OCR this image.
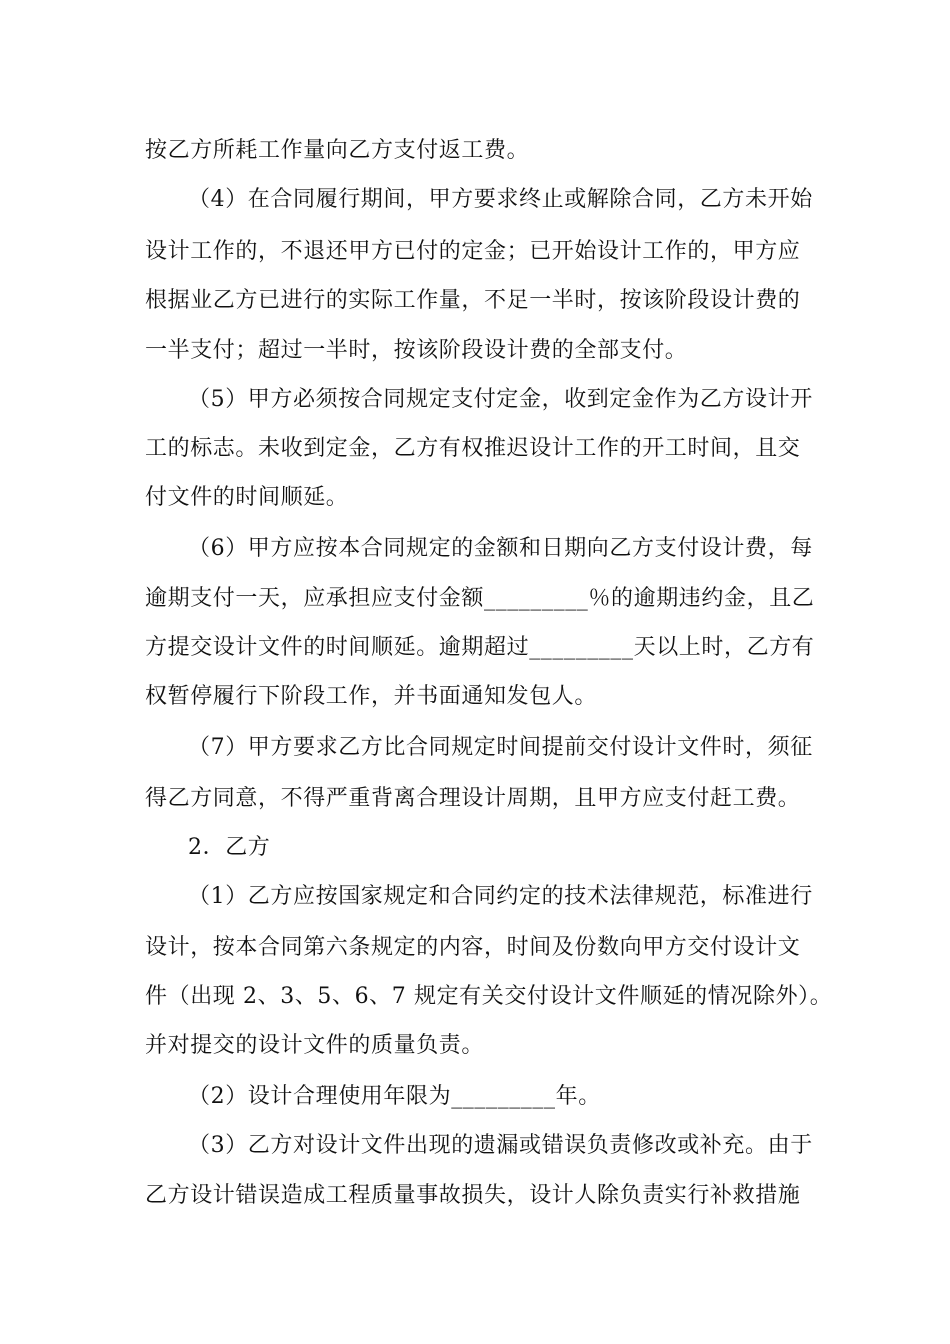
按乙方所耗工作量向乙方支付返工费。
（4）在合同履行期间，甲方要求终止或解除合同，乙方未开始
设计工作的，不退还甲方已付的定金；已开始设计工作的，甲方应
根据业乙方已进行的实际工作量，不足一半时，按该阶段设计费的
一半支付；超过一半时，按该阶段设计费的全部支付。
（5）甲方必须按合同规定支付定金，收到定金作为乙方设计开
工的标志。未收到定金，乙方有权推迟设计工作的开工时间，且交
付文件的时间顺延。
（6）甲方应按本合同规定的金额和日期向乙方支付设计费，每
逾期支付一天，应承担应支付金额_________％的逾期违约金，且乙
方提交设计文件的时间顺延。逾期超过_________天以上时，乙方有
权暂停履行下阶段工作，并书面通知发包人。
（7）甲方要求乙方比合同规定时间提前交付设计文件时，须征
得乙方同意，不得严重背离合理设计周期，且甲方应支付赶工费。
2．乙方
（1）乙方应按国家规定和合同约定的技术法律规范，标准进行
设计，按本合同第六条规定的内容，时间及份数向甲方交付设计文
件（出现 2、3、5、6、7 规定有关交付设计文件顺延的情况除外）。
并对提交的设计文件的质量负责。
（2）设计合理使用年限为_________年。
（3）乙方对设计文件出现的遗漏或错误负责修改或补充。由于
乙方设计错误造成工程质量事故损失，设计人除负责实行补救措施
